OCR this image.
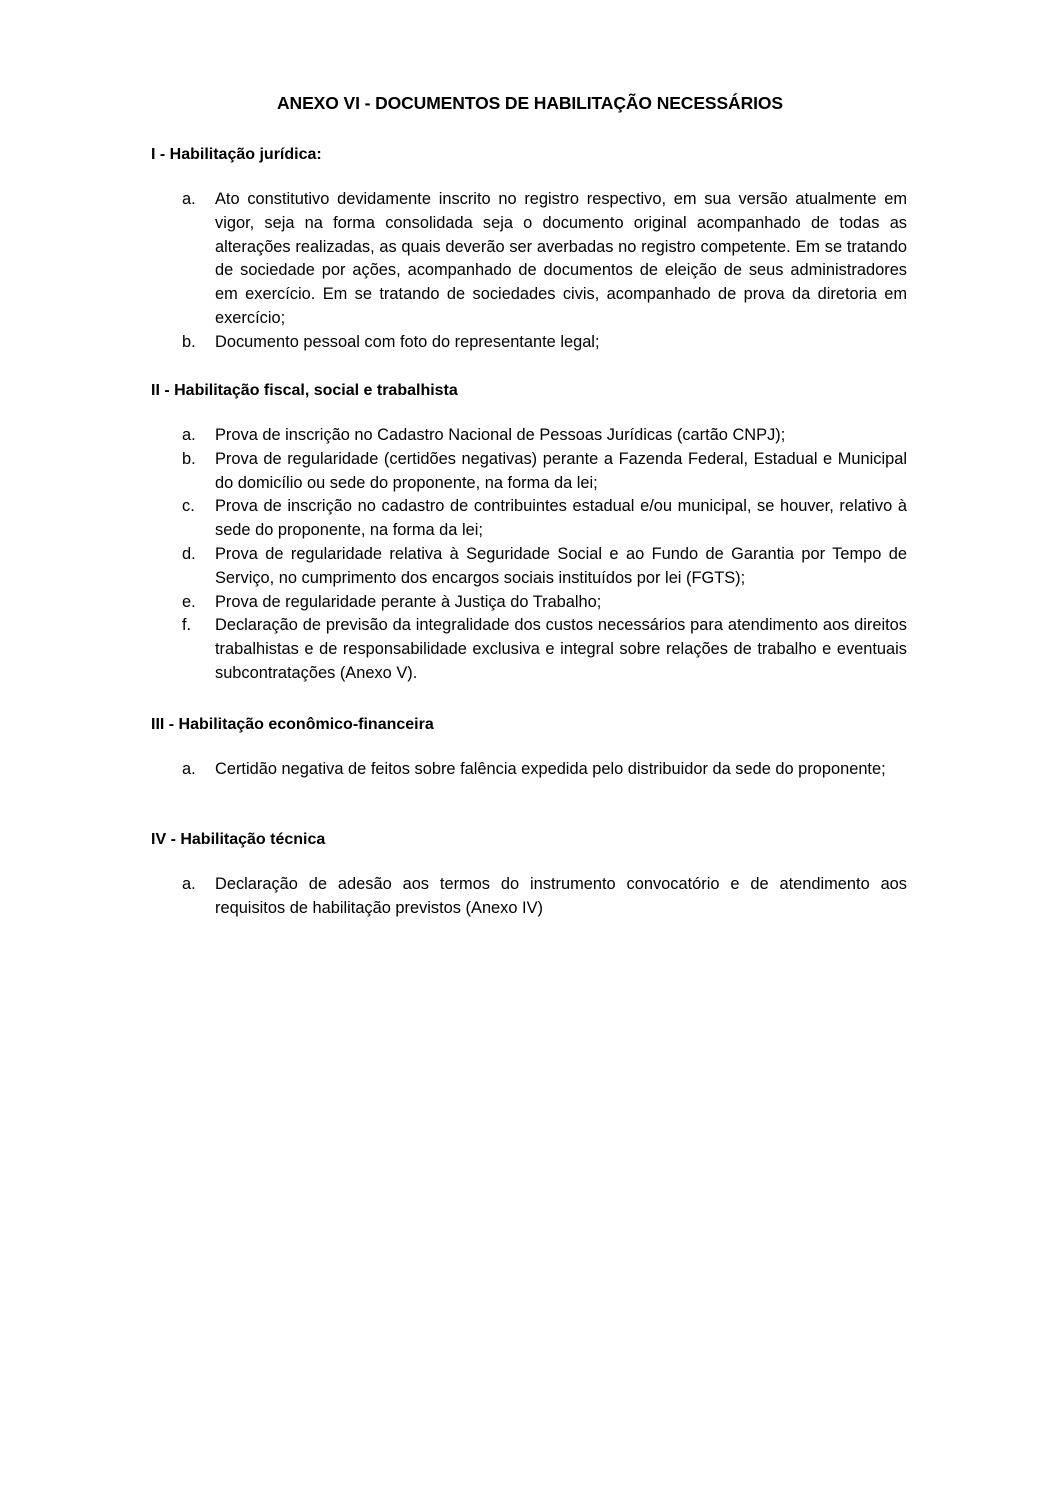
ANEXO VI - DOCUMENTOS DE HABILITAÇÃO NECESSÁRIOS

I - Habilitação jurídica:

a. Ato constitutivo devidamente inscrito no registro respectivo, em sua versão atualmente em vigor, seja na forma consolidada seja o documento original acompanhado de todas as alterações realizadas, as quais deverão ser averbadas no registro competente. Em se tratando de sociedade por ações, acompanhado de documentos de eleição de seus administradores em exercício. Em se tratando de sociedades civis, acompanhado de prova da diretoria em exercício;
b. Documento pessoal com foto do representante legal;

II - Habilitação fiscal, social e trabalhista

a. Prova de inscrição no Cadastro Nacional de Pessoas Jurídicas (cartão CNPJ);
b. Prova de regularidade (certidões negativas) perante a Fazenda Federal, Estadual e Municipal do domicílio ou sede do proponente, na forma da lei;
c. Prova de inscrição no cadastro de contribuintes estadual e/ou municipal, se houver, relativo à sede do proponente, na forma da lei;
d. Prova de regularidade relativa à Seguridade Social e ao Fundo de Garantia por Tempo de Serviço, no cumprimento dos encargos sociais instituídos por lei (FGTS);
e. Prova de regularidade perante à Justiça do Trabalho;
f. Declaração de previsão da integralidade dos custos necessários para atendimento aos direitos trabalhistas e de responsabilidade exclusiva e integral sobre relações de trabalho e eventuais subcontratações (Anexo V).

III - Habilitação econômico-financeira

a. Certidão negativa de feitos sobre falência expedida pelo distribuidor da sede do proponente;

IV - Habilitação técnica

a. Declaração de adesão aos termos do instrumento convocatório e de atendimento aos requisitos de habilitação previstos (Anexo IV)
